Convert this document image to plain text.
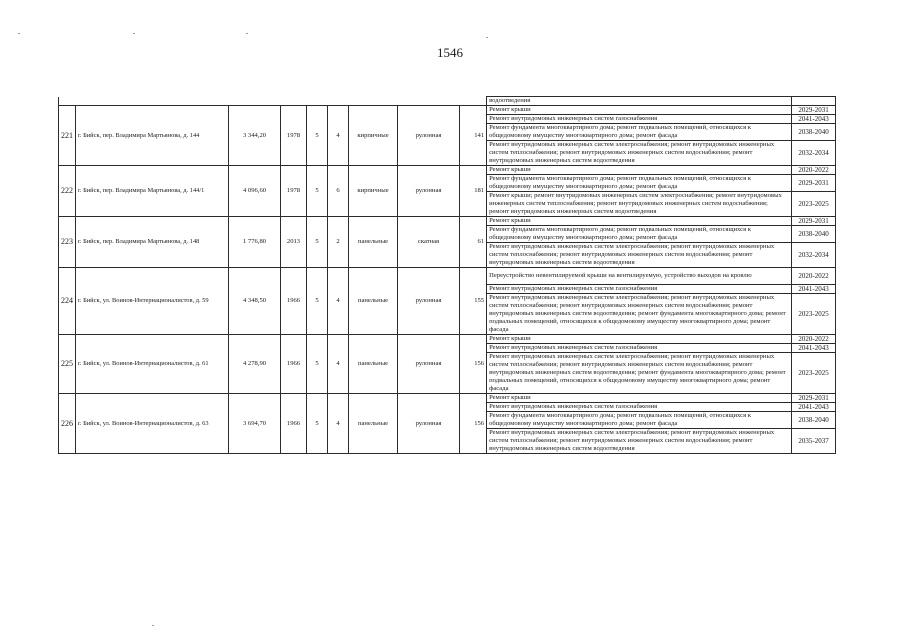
1546
									водоотведения	
221	г. Бийск, пер. Владимира Мартьянова, д. 144	3 344,20	1978	5	4	кирпичные	рулонная	141	Ремонт крыши	2029-2031
									Ремонт внутридомовых инженерных систем газоснабжения	2041-2043
									Ремонт фундамента многоквартирного дома; ремонт подвальных помещений, относящихся к общедомовому имуществу многоквартирного дома; ремонт фасада	2038-2040
									Ремонт внутридомовых инженерных систем электроснабжения; ремонт внутридомовых инженерных систем теплоснабжения; ремонт внутридомовых инженерных систем водоснабжения; ремонт внутридомовых инженерных систем водоотведения	2032-2034
222	г. Бийск, пер. Владимира Мартьянова, д. 144/1	4 096,60	1978	5	6	кирпичные	рулонная	181	Ремонт крыши	2020-2022
									Ремонт фундамента многоквартирного дома; ремонт подвальных помещений, относящихся к общедомовому имуществу многоквартирного дома; ремонт фасада	2029-2031
									Ремонт крыши; ремонт внутридомовых инженерных систем электроснабжения; ремонт внутридомовых инженерных систем теплоснабжения; ремонт внутридомовых инженерных систем водоснабжения; ремонт внутридомовых инженерных систем водоотведения	2023-2025
223	г. Бийск, пер. Владимира Мартьянова, д. 148	1 776,80	2013	5	2	панельные	скатная	61	Ремонт крыши	2029-2031
									Ремонт фундамента многоквартирного дома; ремонт подвальных помещений, относящихся к общедомовому имуществу многоквартирного дома; ремонт фасада	2038-2040
									Ремонт внутридомовых инженерных систем электроснабжения; ремонт внутридомовых инженерных систем теплоснабжения; ремонт внутридомовых инженерных систем водоснабжения; ремонт внутридомовых инженерных систем водоотведения	2032-2034
224	г. Бийск, ул. Воинов-Интернационалистов, д. 59	4 348,50	1966	5	4	панельные	рулонная	155	Переустройство невентилируемой крыши на вентилируемую, устройство выходов на кровлю	2020-2022
									Ремонт внутридомовых инженерных систем газоснабжения	2041-2043
									Ремонт внутридомовых инженерных систем электроснабжения; ремонт внутридомовых инженерных систем теплоснабжения; ремонт внутридомовых инженерных систем водоснабжения; ремонт внутридомовых инженерных систем водоотведения; ремонт фундамента многоквартирного дома; ремонт подвальных помещений, относящихся к общедомовому имуществу многоквартирного дома; ремонт фасада	2023-2025
225	г. Бийск, ул. Воинов-Интернационалистов, д. 61	4 278,90	1966	5	4	панельные	рулонная	156	Ремонт крыши	2020-2022
									Ремонт внутридомовых инженерных систем газоснабжения	2041-2043
									Ремонт внутридомовых инженерных систем электроснабжения; ремонт внутридомовых инженерных систем теплоснабжения; ремонт внутридомовых инженерных систем водоснабжения; ремонт внутридомовых инженерных систем водоотведения; ремонт фундамента многоквартирного дома; ремонт подвальных помещений, относящихся к общедомовому имуществу многоквартирного дома; ремонт фасада	2023-2025
226	г. Бийск, ул. Воинов-Интернационалистов, д. 63	3 694,70	1966	5	4	панельные	рулонная	156	Ремонт крыши	2029-2031
									Ремонт внутридомовых инженерных систем газоснабжения	2041-2043
									Ремонт фундамента многоквартирного дома; ремонт подвальных помещений, относящихся к общедомовому имуществу многоквартирного дома; ремонт фасада	2038-2040
									Ремонт внутридомовых инженерных систем электроснабжения; ремонт внутридомовых инженерных систем теплоснабжения; ремонт внутридомовых инженерных систем водоснабжения; ремонт внутридомовых инженерных систем водоотведения	2035-2037
